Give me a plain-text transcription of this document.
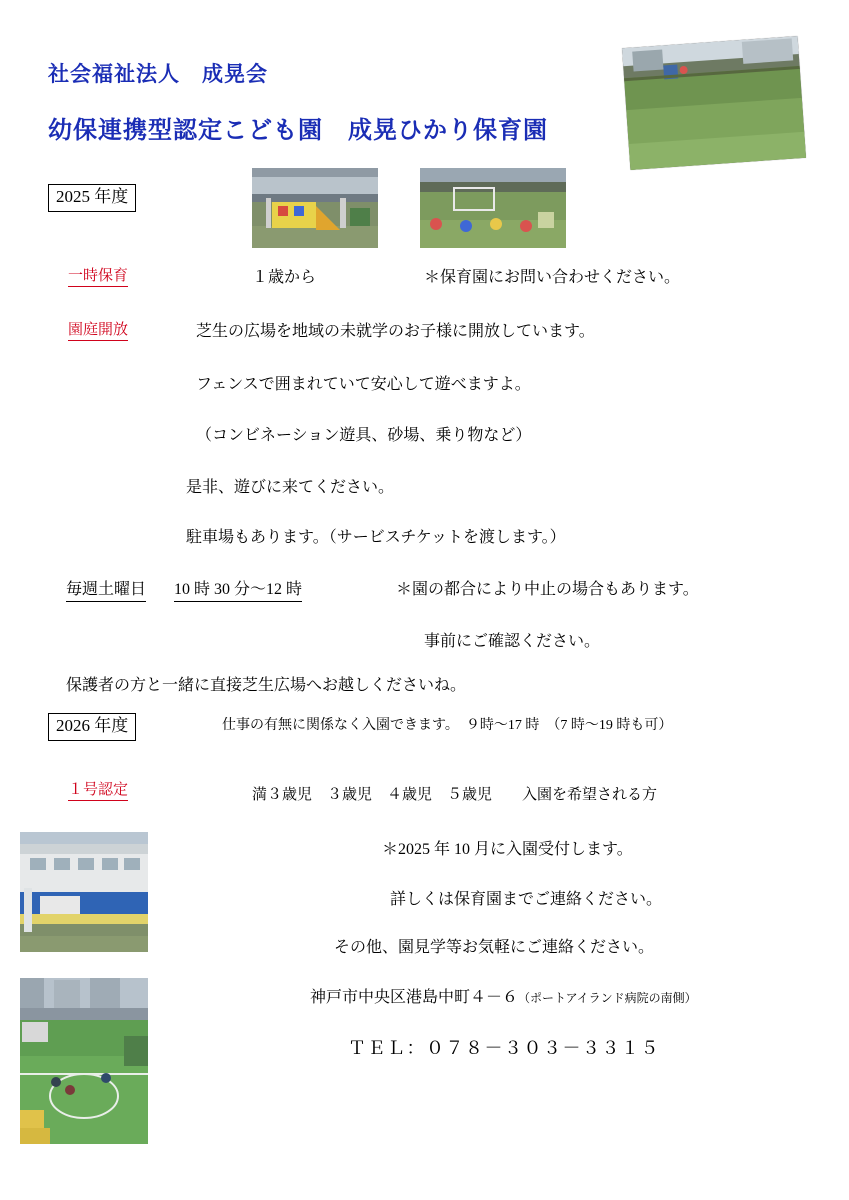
社会福祉法人　成晃会
幼保連携型認定こども園　成晃ひかり保育園
2025 年度
一時保育	１歳から	＊保育園にお問い合わせください。
園庭開放	芝生の広場を地域の未就学のお子様に開放しています。
フェンスで囲まれていて安心して遊べますよ。
（コンビネーション遊具、砂場、乗り物など）
是非、遊びに来てください。
駐車場もあります。（サービスチケットを渡します。）
毎週土曜日 10 時 30 分～12 時	＊園の都合により中止の場合もあります。
事前にご確認ください。
保護者の方と一緒に直接芝生広場へお越しくださいね。
2026 年度	仕事の有無に関係なく入園できます。　９時～17 時　（7 時～19 時も可）
１号認定	満３歳児　３歳児　４歳児　５歳児　　入園を希望される方
＊2025 年 10 月に入園受付します。
詳しくは保育園までご連絡ください。
その他、園見学等お気軽にご連絡ください。
神戸市中央区港島中町４－６（ポートアイランド病院の南側）
ＴＥＬ：０７８－３０３－３３１５
